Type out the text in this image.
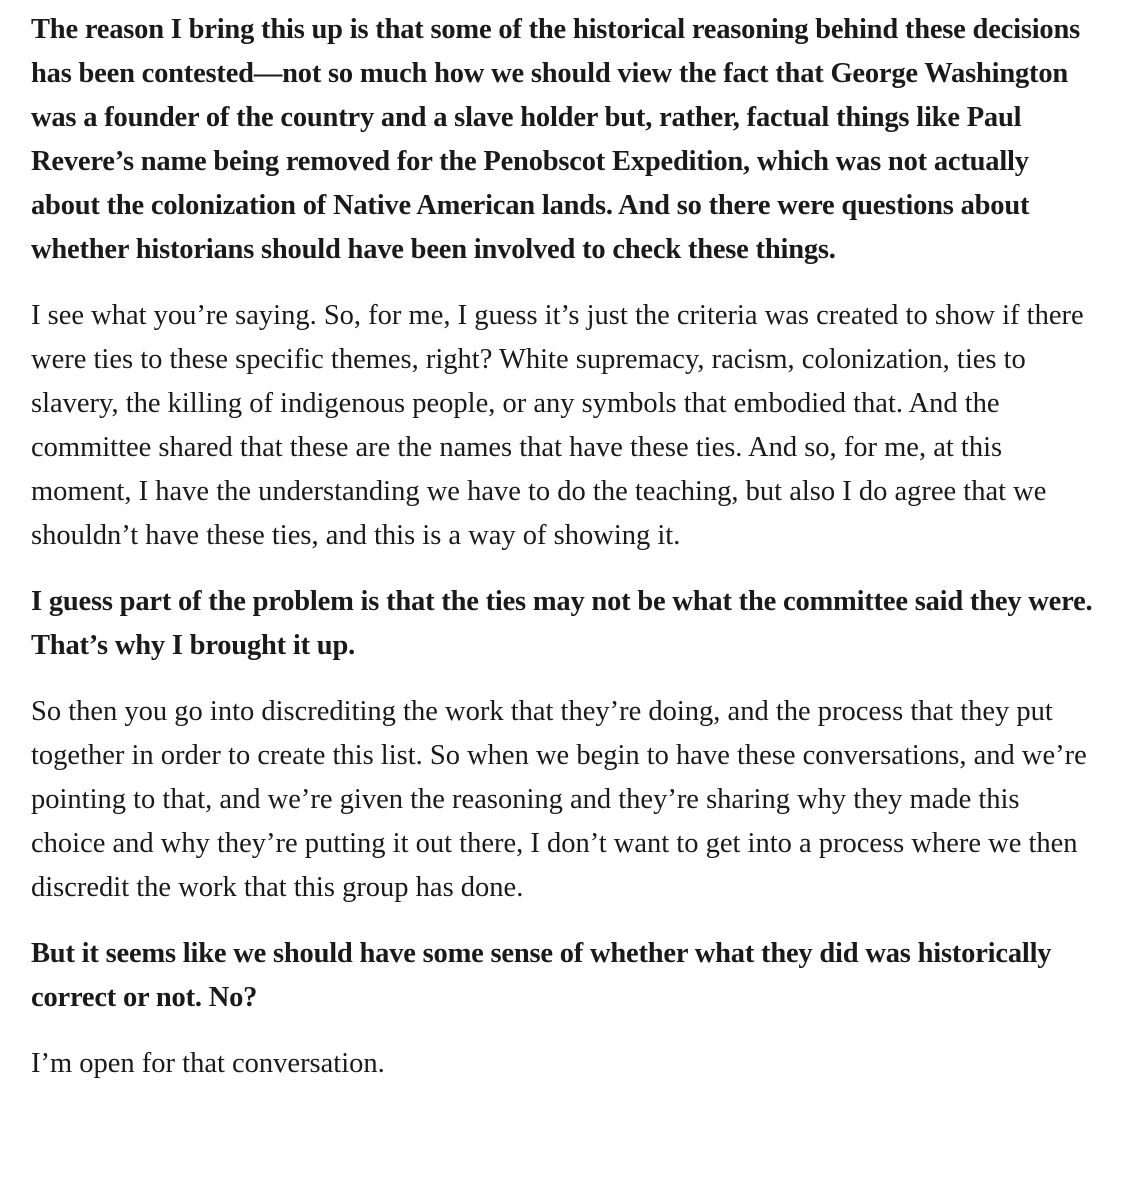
The reason I bring this up is that some of the historical reasoning behind these decisions has been contested—not so much how we should view the fact that George Washington was a founder of the country and a slave holder but, rather, factual things like Paul Revere’s name being removed for the Penobscot Expedition, which was not actually about the colonization of Native American lands. And so there were questions about whether historians should have been involved to check these things.

I see what you’re saying. So, for me, I guess it’s just the criteria was created to show if there were ties to these specific themes, right? White supremacy, racism, colonization, ties to slavery, the killing of indigenous people, or any symbols that embodied that. And the committee shared that these are the names that have these ties. And so, for me, at this moment, I have the understanding we have to do the teaching, but also I do agree that we shouldn’t have these ties, and this is a way of showing it.

I guess part of the problem is that the ties may not be what the committee said they were. That’s why I brought it up.

So then you go into discrediting the work that they’re doing, and the process that they put together in order to create this list. So when we begin to have these conversations, and we’re pointing to that, and we’re given the reasoning and they’re sharing why they made this choice and why they’re putting it out there, I don’t want to get into a process where we then discredit the work that this group has done.

But it seems like we should have some sense of whether what they did was historically correct or not. No?

I’m open for that conversation.
